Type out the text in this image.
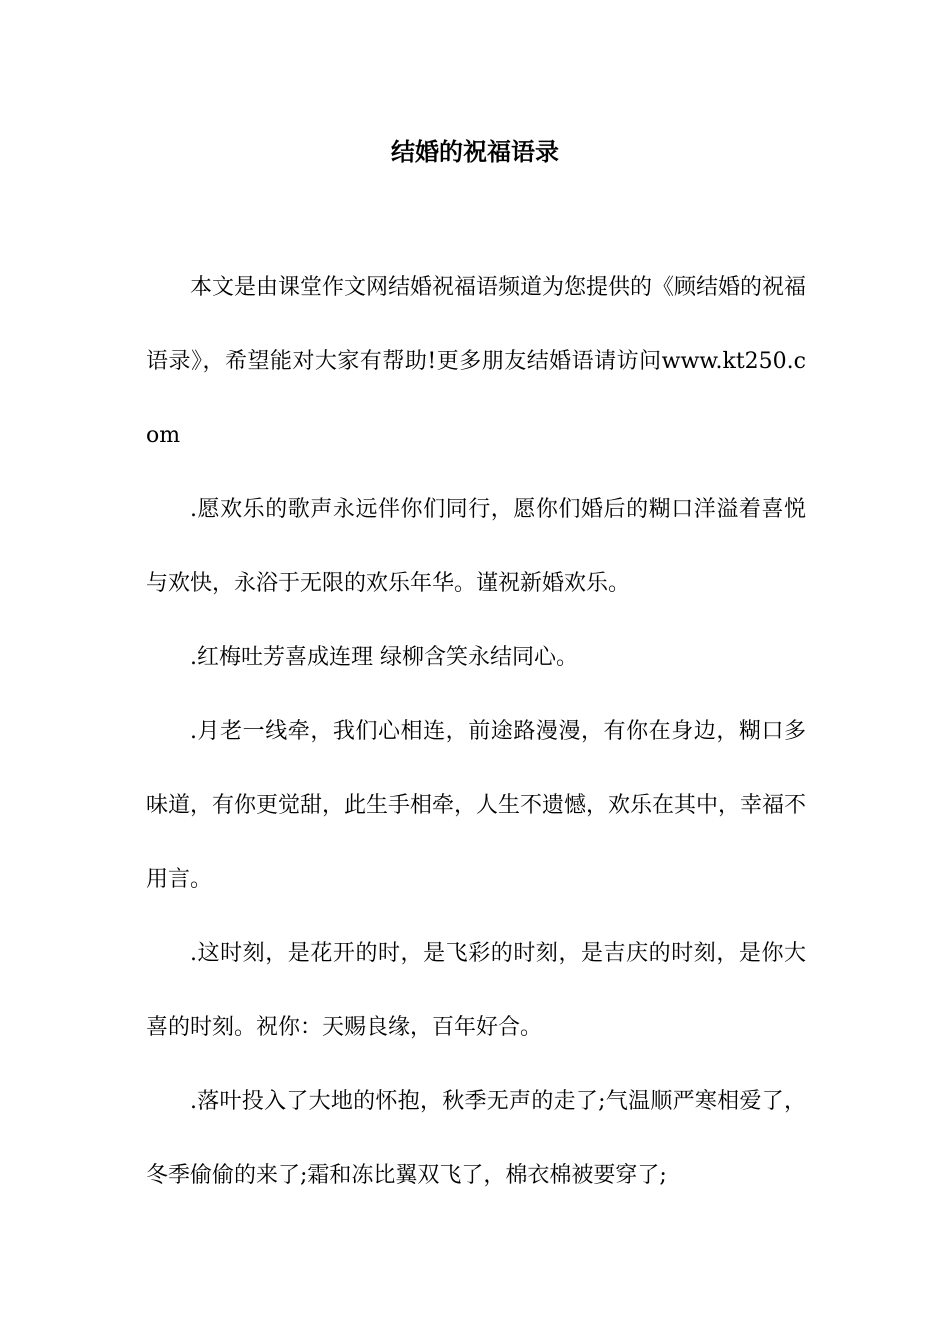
结婚的祝福语录

本文是由课堂作文网结婚祝福语频道为您提供的《顾结婚的祝福语录》，希望能对大家有帮助!更多朋友结婚语请访问www.kt250.com

.愿欢乐的歌声永远伴你们同行，愿你们婚后的糊口洋溢着喜悦与欢快，永浴于无限的欢乐年华。谨祝新婚欢乐。

.红梅吐芳喜成连理 绿柳含笑永结同心。

.月老一线牵，我们心相连，前途路漫漫，有你在身边，糊口多味道，有你更觉甜，此生手相牵，人生不遗憾，欢乐在其中，幸福不用言。

.这时刻，是花开的时，是飞彩的时刻，是吉庆的时刻，是你大喜的时刻。祝你：天赐良缘，百年好合。

.落叶投入了大地的怀抱，秋季无声的走了;气温顺严寒相爱了，冬季偷偷的来了;霜和冻比翼双飞了，棉衣棉被要穿了;
